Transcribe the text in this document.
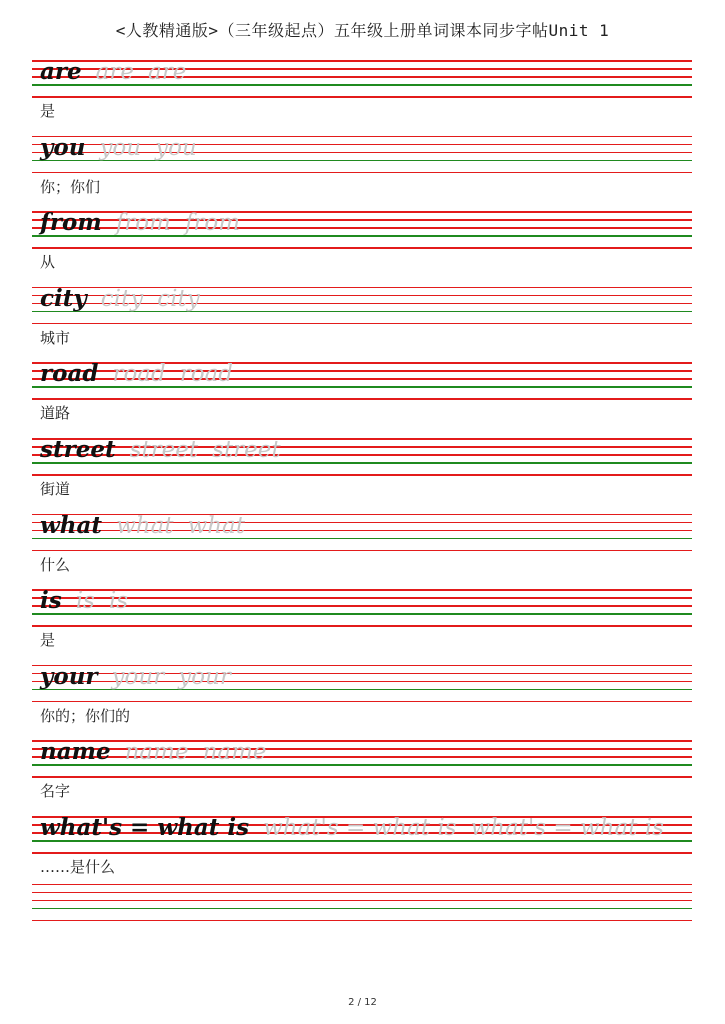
<人教精通版>（三年级起点）五年级上册单词课本同步字帖Unit 1
are are are
是
you you you
你；你们
from from from
从
city city city
城市
road road road
道路
street street street
街道
what what what
什么
is is is
是
your your your
你的；你们的
name name name
名字
what's = what is what's = what is what's = what is
……是什么
2 / 12
